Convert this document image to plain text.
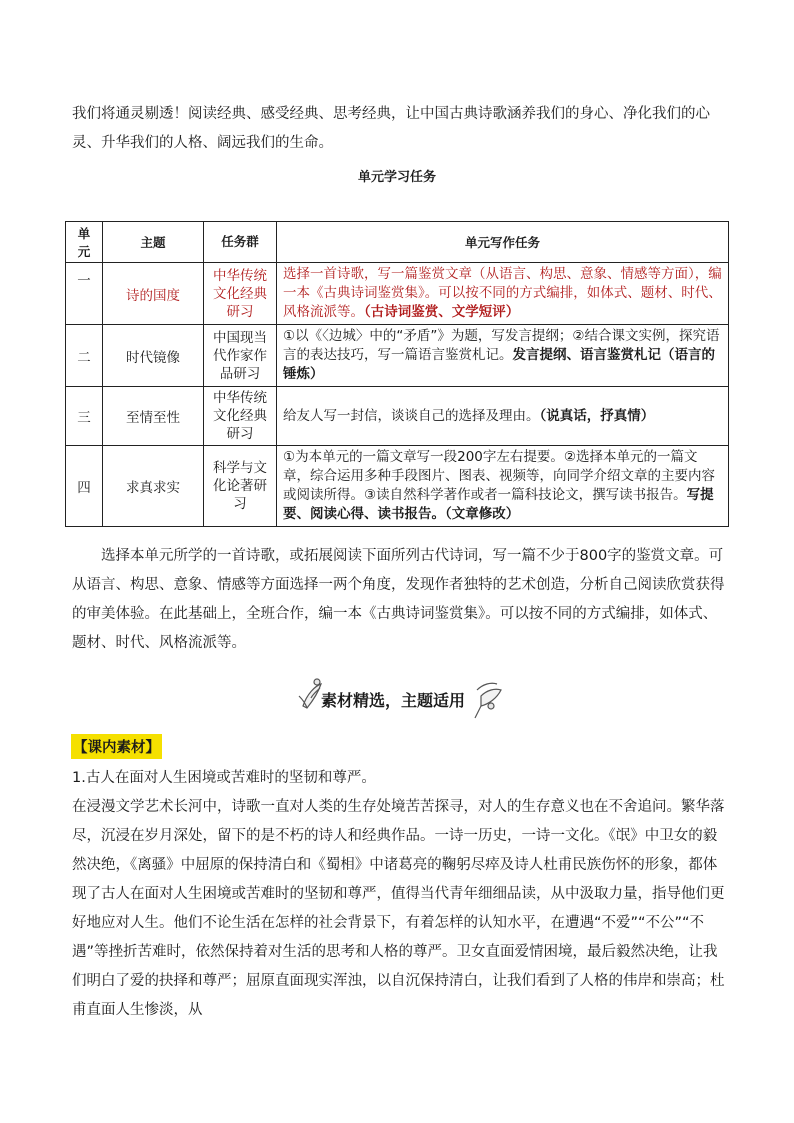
我们将通灵剔透！阅读经典、感受经典、思考经典，让中国古典诗歌涵养我们的身心、净化我们的心灵、升华我们的人格、阔远我们的生命。

单元学习任务
单元	主题	任务群	单元写作任务
一	诗的国度	中华传统文化经典研习	选择一首诗歌，写一篇鉴赏文章（从语言、构思、意象、情感等方面），编一本《古典诗词鉴赏集》。可以按不同的方式编排，如体式、题材、时代、风格流派等。（古诗词鉴赏、文学短评）
二	时代镜像	中国现当代作家作品研习	①以《〈边城〉中的“矛盾”》为题，写发言提纲；②结合课文实例，探究语言的表达技巧，写一篇语言鉴赏札记。发言提纲、语言鉴赏札记（语言的锤炼）
三	至情至性	中华传统文化经典研习	给友人写一封信，谈谈自己的选择及理由。（说真话，抒真情）
四	求真求实	科学与文化论著研习	①为本单元的一篇文章写一段200字左右提要。②选择本单元的一篇文章，综合运用多种手段图片、图表、视频等，向同学介绍文章的主要内容或阅读所得。③读自然科学著作或者一篇科技论文，撰写读书报告。写提要、阅读心得、读书报告。（文章修改）

选择本单元所学的一首诗歌，或拓展阅读下面所列古代诗词，写一篇不少于800字的鉴赏文章。可从语言、构思、意象、情感等方面选择一两个角度，发现作者独特的艺术创造，分析自己阅读欣赏获得的审美体验。在此基础上，全班合作，编一本《古典诗词鉴赏集》。可以按不同的方式编排，如体式、题材、时代、风格流派等。

素材精选，主题适用
【课内素材】

1.古人在面对人生困境或苦难时的坚韧和尊严。

在浸漫文学艺术长河中，诗歌一直对人类的生存处境苦苦探寻，对人的生存意义也在不舍追问。繁华落尽，沉浸在岁月深处，留下的是不朽的诗人和经典作品。一诗一历史，一诗一文化。《氓》中卫女的毅然决绝，《离骚》中屈原的保持清白和《蜀相》中诸葛亮的鞠躬尽瘁及诗人杜甫民族伤怀的形象，都体现了古人在面对人生困境或苦难时的坚韧和尊严，值得当代青年细细品读，从中汲取力量，指导他们更好地应对人生。他们不论生活在怎样的社会背景下，有着怎样的认知水平，在遭遇“不爱”“不公”“不遇”等挫折苦难时，依然保持着对生活的思考和人格的尊严。卫女直面爱情困境，最后毅然决绝，让我们明白了爱的抉择和尊严；屈原直面现实浑浊，以自沉保持清白，让我们看到了人格的伟岸和崇高；杜甫直面人生惨淡，从
